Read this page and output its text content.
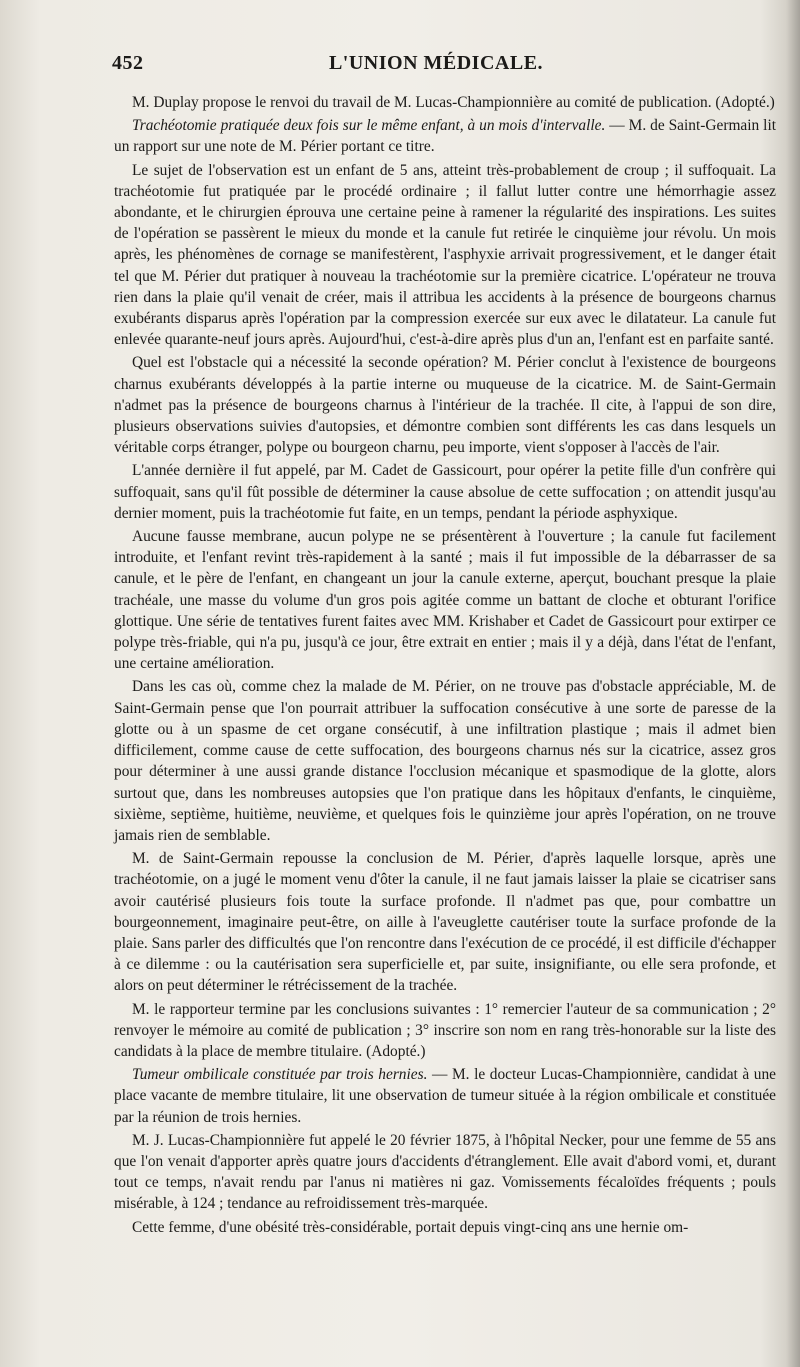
452	L'UNION MÉDICALE.

M. Duplay propose le renvoi du travail de M. Lucas-Championnière au comité de publication. (Adopté.)

Trachéotomie pratiquée deux fois sur le même enfant, à un mois d'intervalle. — M. de Saint-Germain lit un rapport sur une note de M. Périer portant ce titre.

Le sujet de l'observation est un enfant de 5 ans, atteint très-probablement de croup ; il suffoquait. La trachéotomie fut pratiquée par le procédé ordinaire ; il fallut lutter contre une hémorrhagie assez abondante, et le chirurgien éprouva une certaine peine à ramener la régularité des inspirations. Les suites de l'opération se passèrent le mieux du monde et la canule fut retirée le cinquième jour révolu. Un mois après, les phénomènes de cornage se manifestèrent, l'asphyxie arrivait progressivement, et le danger était tel que M. Périer dut pratiquer à nouveau la trachéotomie sur la première cicatrice. L'opérateur ne trouva rien dans la plaie qu'il venait de créer, mais il attribua les accidents à la présence de bourgeons charnus exubérants disparus après l'opération par la compression exercée sur eux avec le dilatateur. La canule fut enlevée quarante-neuf jours après. Aujourd'hui, c'est-à-dire après plus d'un an, l'enfant est en parfaite santé.

Quel est l'obstacle qui a nécessité la seconde opération? M. Périer conclut à l'existence de bourgeons charnus exubérants développés à la partie interne ou muqueuse de la cicatrice. M. de Saint-Germain n'admet pas la présence de bourgeons charnus à l'intérieur de la trachée. Il cite, à l'appui de son dire, plusieurs observations suivies d'autopsies, et démontre combien sont différents les cas dans lesquels un véritable corps étranger, polype ou bourgeon charnu, peu importe, vient s'opposer à l'accès de l'air.

L'année dernière il fut appelé, par M. Cadet de Gassicourt, pour opérer la petite fille d'un confrère qui suffoquait, sans qu'il fût possible de déterminer la cause absolue de cette suffocation ; on attendit jusqu'au dernier moment, puis la trachéotomie fut faite, en un temps, pendant la période asphyxique.

Aucune fausse membrane, aucun polype ne se présentèrent à l'ouverture ; la canule fut facilement introduite, et l'enfant revint très-rapidement à la santé ; mais il fut impossible de la débarrasser de sa canule, et le père de l'enfant, en changeant un jour la canule externe, aperçut, bouchant presque la plaie trachéale, une masse du volume d'un gros pois agitée comme un battant de cloche et obturant l'orifice glottique. Une série de tentatives furent faites avec MM. Krishaber et Cadet de Gassicourt pour extirper ce polype très-friable, qui n'a pu, jusqu'à ce jour, être extrait en entier ; mais il y a déjà, dans l'état de l'enfant, une certaine amélioration.

Dans les cas où, comme chez la malade de M. Périer, on ne trouve pas d'obstacle appréciable, M. de Saint-Germain pense que l'on pourrait attribuer la suffocation consécutive à une sorte de paresse de la glotte ou à un spasme de cet organe consécutif, à une infiltration plastique ; mais il admet bien difficilement, comme cause de cette suffocation, des bourgeons charnus nés sur la cicatrice, assez gros pour déterminer à une aussi grande distance l'occlusion mécanique et spasmodique de la glotte, alors surtout que, dans les nombreuses autopsies que l'on pratique dans les hôpitaux d'enfants, le cinquième, sixième, septième, huitième, neuvième, et quelques fois le quinzième jour après l'opération, on ne trouve jamais rien de semblable.

M. de Saint-Germain repousse la conclusion de M. Périer, d'après laquelle lorsque, après une trachéotomie, on a jugé le moment venu d'ôter la canule, il ne faut jamais laisser la plaie se cicatriser sans avoir cautérisé plusieurs fois toute la surface profonde. Il n'admet pas que, pour combattre un bourgeonnement, imaginaire peut-être, on aille à l'aveuglette cautériser toute la surface profonde de la plaie. Sans parler des difficultés que l'on rencontre dans l'exécution de ce procédé, il est difficile d'échapper à ce dilemme : ou la cautérisation sera superficielle et, par suite, insignifiante, ou elle sera profonde, et alors on peut déterminer le rétrécissement de la trachée.

M. le rapporteur termine par les conclusions suivantes : 1° remercier l'auteur de sa communication ; 2° renvoyer le mémoire au comité de publication ; 3° inscrire son nom en rang très-honorable sur la liste des candidats à la place de membre titulaire. (Adopté.)

Tumeur ombilicale constituée par trois hernies. — M. le docteur Lucas-Championnière, candidat à une place vacante de membre titulaire, lit une observation de tumeur située à la région ombilicale et constituée par la réunion de trois hernies.

M. J. Lucas-Championnière fut appelé le 20 février 1875, à l'hôpital Necker, pour une femme de 55 ans que l'on venait d'apporter après quatre jours d'accidents d'étranglement. Elle avait d'abord vomi, et, durant tout ce temps, n'avait rendu par l'anus ni matières ni gaz. Vomissements fécaloïdes fréquents ; pouls misérable, à 124 ; tendance au refroidissement très-marquée.

Cette femme, d'une obésité très-considérable, portait depuis vingt-cinq ans une hernie om-
